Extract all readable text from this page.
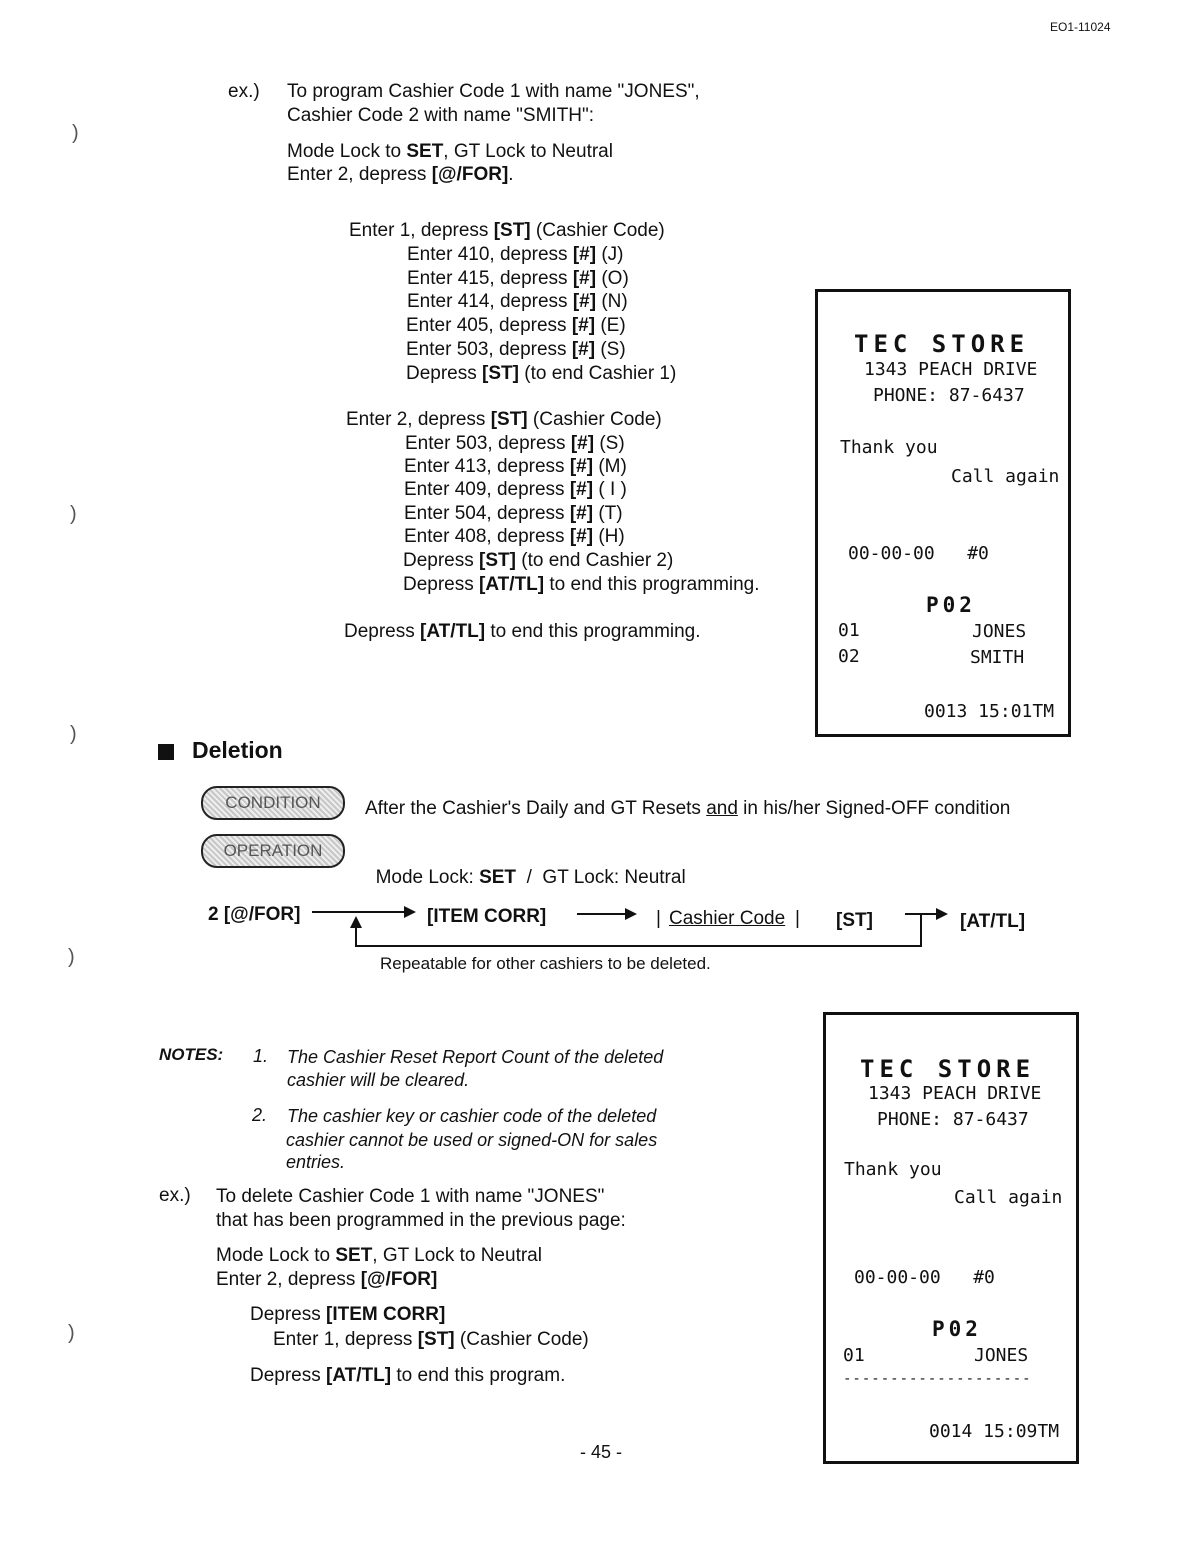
EO1-11024
)
)
)
)
)
ex.) To program Cashier Code 1 with name "JONES",
Cashier Code 2 with name "SMITH":
Mode Lock to SET, GT Lock to Neutral
Enter 2, depress [@/FOR].
Enter 1, depress [ST] (Cashier Code)
Enter 410, depress [#] (J)
Enter 415, depress [#] (O)
Enter 414, depress [#] (N)
Enter 405, depress [#] (E)
Enter 503, depress [#] (S)
Depress [ST] (to end Cashier 1)
Enter 2, depress [ST] (Cashier Code)
Enter 503, depress [#] (S)
Enter 413, depress [#] (M)
Enter 409, depress [#] ( I )
Enter 504, depress [#] (T)
Enter 408, depress [#] (H)
Depress [ST] (to end Cashier 2)
Depress [AT/TL] to end this programming.
Depress [AT/TL] to end this programming.
TEC STORE
1343 PEACH DRIVE
PHONE: 87-6437
Thank you
Call again
00-00-00   #0
P02
01	JONES
02	SMITH
0013 15:01TM
Deletion
CONDITION	After the Cashier's Daily and GT Resets and in his/her Signed-OFF condition
OPERATION

Mode Lock: SET  /  GT Lock: Neutral

2 [@/FOR]	[ITEM CORR]	| Cashier Code | [ST]	[AT/TL]
Repeatable for other cashiers to be deleted.
NOTES: 1. The Cashier Reset Report Count of the deleted
cashier will be cleared.
2. The cashier key or cashier code of the deleted
cashier cannot be used or signed-ON for sales
entries.
ex.) To delete Cashier Code 1 with name "JONES"
that has been programmed in the previous page:
Mode Lock to SET, GT Lock to Neutral
Enter 2, depress [@/FOR]
Depress [ITEM CORR]
Enter 1, depress [ST] (Cashier Code)
Depress [AT/TL] to end this program.
TEC STORE
1343 PEACH DRIVE
PHONE: 87-6437
Thank you
Call again
00-00-00   #0
P02
01	JONES
--------------------
0014 15:09TM
- 45 -
